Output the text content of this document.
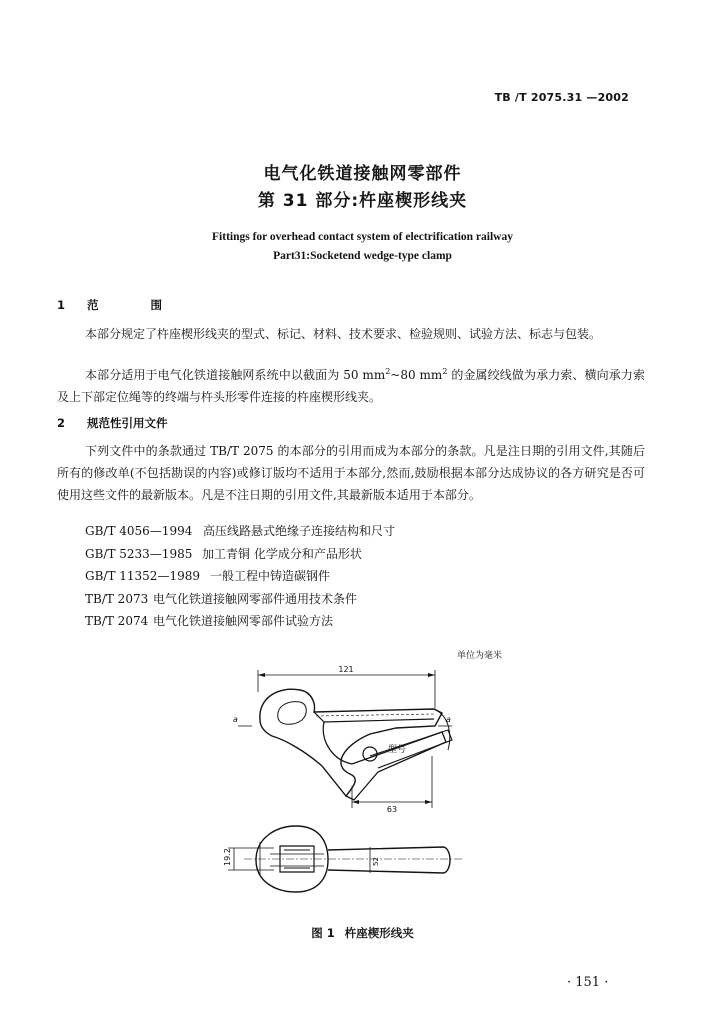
TB /T 2075.31 —2002
电气化铁道接触网零部件
第 31 部分:杵座楔形线夹
Fittings for overhead contact system of electrification railway
Part31:Socketend wedge-type clamp
1 范 围

本部分规定了杵座楔形线夹的型式、标记、材料、技术要求、检验规则、试验方法、标志与包装。

本部分适用于电气化铁道接触网系统中以截面为 50 $mm^2\sim 80$ $mm^2$ 的金属绞线做为承力索、横向承力索及上下部定位绳等的终端与杵头形零件连接的杵座楔形线夹。

2 规范性引用文件

下列文件中的条款通过 TB/T 2075 的本部分的引用而成为本部分的条款。凡是注日期的引用文件,其随后所有的修改单(不包括勘误的内容)或修订版均不适用于本部分,然而,鼓励根据本部分达成协议的各方研究是否可使用这些文件的最新版本。凡是不注日期的引用文件,其最新版本适用于本部分。

GB/T 4056—1994 高压线路悬式绝缘子连接结构和尺寸
GB/T 5233—1985 加工青铜 化学成分和产品形状
GB/T 11352—1989 一般工程中铸造碳钢件
TB/T 2073 电气化铁道接触网零部件通用技术条件
TB/T 2074 电气化铁道接触网零部件试验方法
单位为毫米
121
a	a
型号
63
19.2	52
图 1 杵座楔形线夹
· 151 ·
